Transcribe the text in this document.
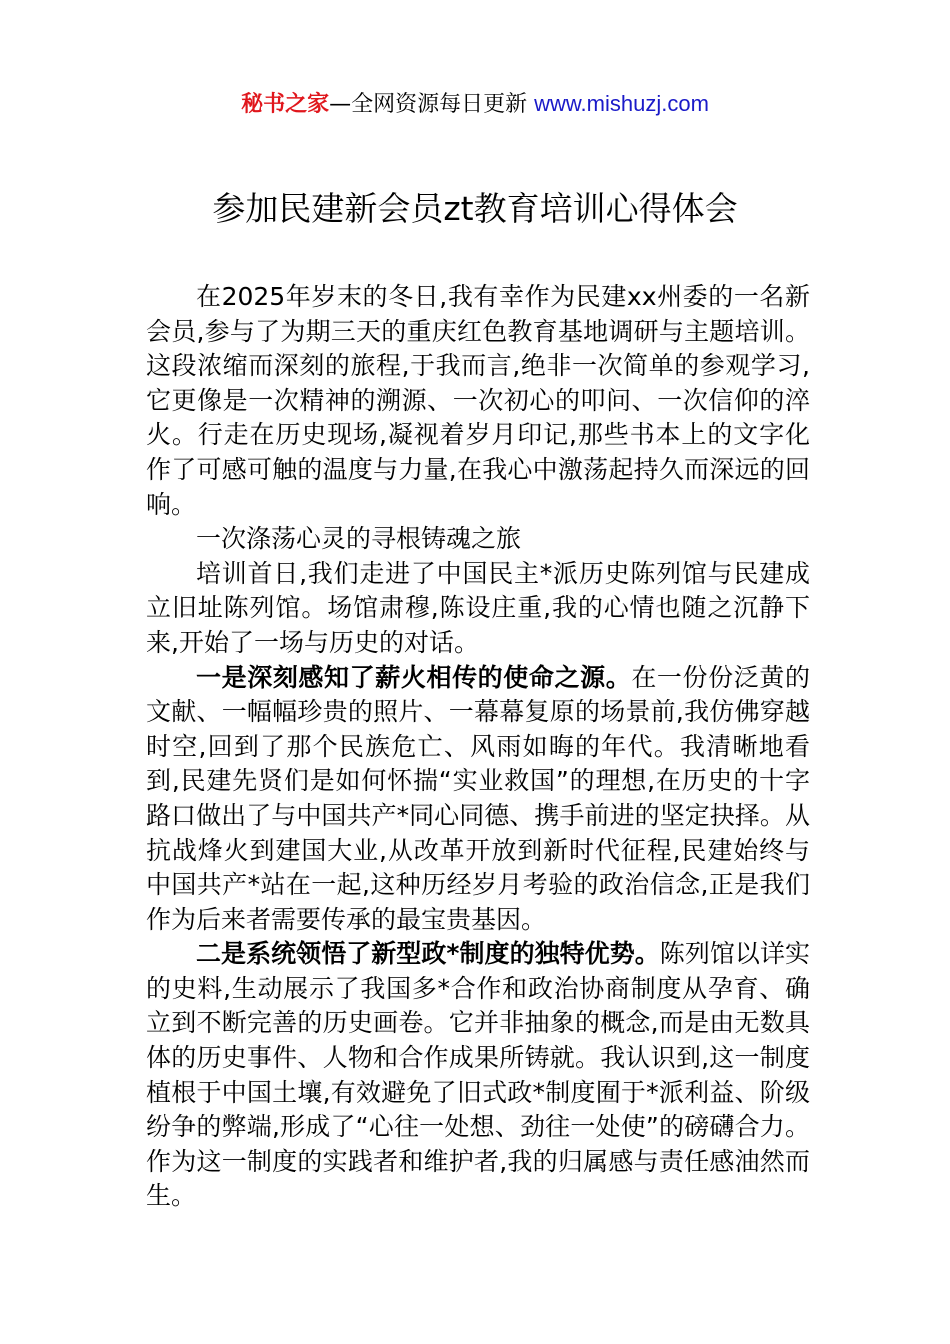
秘书之家—全网资源每日更新 www.mishuzj.com
参加民建新会员zt教育培训心得体会

在2025年岁末的冬日,我有幸作为民建xx州委的一名新会员,参与了为期三天的重庆红色教育基地调研与主题培训。这段浓缩而深刻的旅程,于我而言,绝非一次简单的参观学习,它更像是一次精神的溯源、一次初心的叩问、一次信仰的淬火。行走在历史现场,凝视着岁月印记,那些书本上的文字化作了可感可触的温度与力量,在我心中激荡起持久而深远的回响。

一次涤荡心灵的寻根铸魂之旅

培训首日,我们走进了中国民主*派历史陈列馆与民建成立旧址陈列馆。场馆肃穆,陈设庄重,我的心情也随之沉静下来,开始了一场与历史的对话。

一是深刻感知了薪火相传的使命之源。在一份份泛黄的文献、一幅幅珍贵的照片、一幕幕复原的场景前,我仿佛穿越时空,回到了那个民族危亡、风雨如晦的年代。我清晰地看到,民建先贤们是如何怀揣“实业救国”的理想,在历史的十字路口做出了与中国共产*同心同德、携手前进的坚定抉择。从抗战烽火到建国大业,从改革开放到新时代征程,民建始终与中国共产*站在一起,这种历经岁月考验的政治信念,正是我们作为后来者需要传承的最宝贵基因。

二是系统领悟了新型政*制度的独特优势。陈列馆以详实的史料,生动展示了我国多*合作和政治协商制度从孕育、确立到不断完善的历史画卷。它并非抽象的概念,而是由无数具体的历史事件、人物和合作成果所铸就。我认识到,这一制度植根于中国土壤,有效避免了旧式政*制度囿于*派利益、阶级纷争的弊端,形成了“心往一处想、劲往一处使”的磅礴合力。作为这一制度的实践者和维护者,我的归属感与责任感油然而生。
